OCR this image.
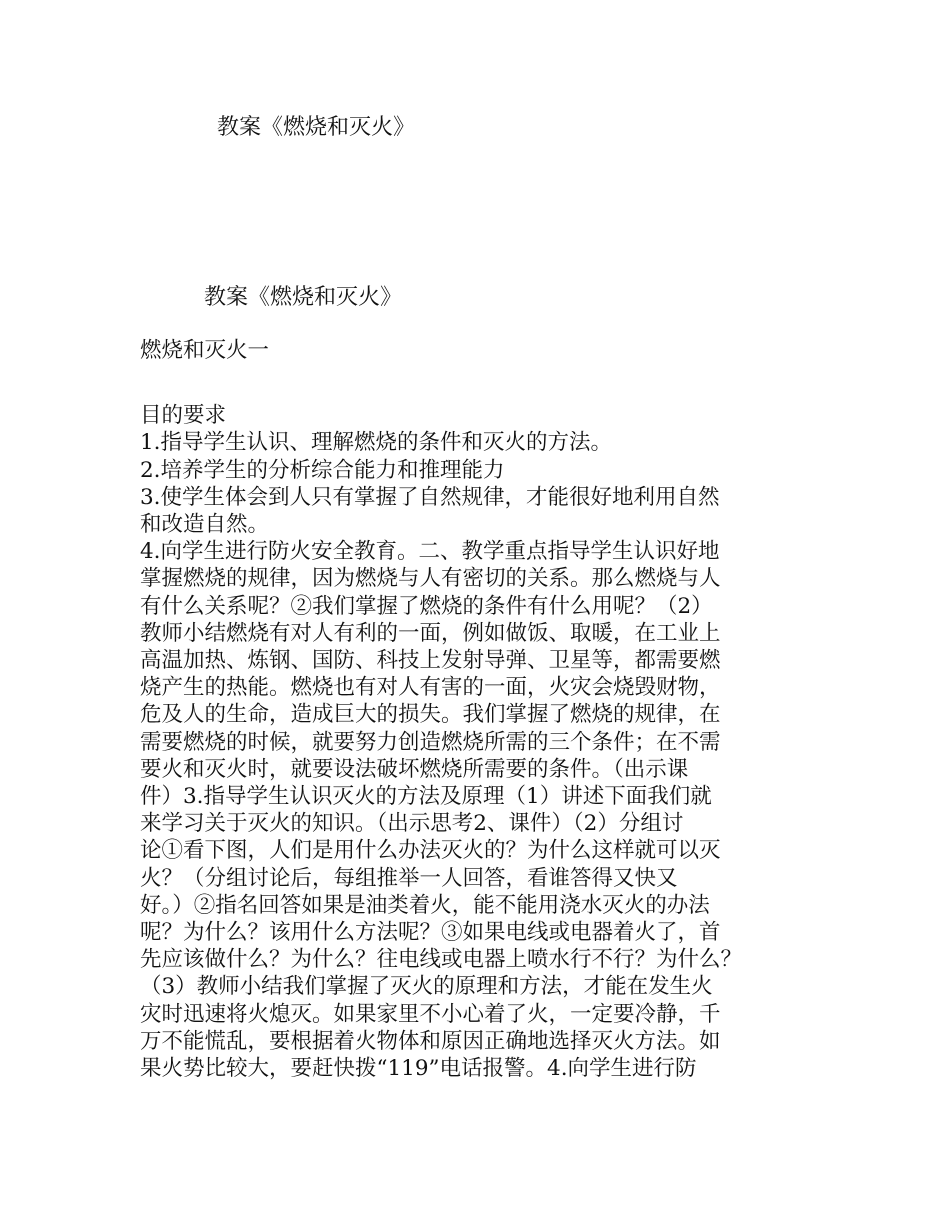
教案《燃烧和灭火》
教案《燃烧和灭火》
燃烧和灭火一
目的要求
1.指导学生认识、理解燃烧的条件和灭火的方法。
2.培养学生的分析综合能力和推理能力
3.使学生体会到人只有掌握了自然规律，才能很好地利用自然
和改造自然。
4.向学生进行防火安全教育。二、教学重点指导学生认识好地
掌握燃烧的规律，因为燃烧与人有密切的关系。那么燃烧与人
有什么关系呢？②我们掌握了燃烧的条件有什么用呢？（2）
教师小结燃烧有对人有利的一面，例如做饭、取暖，在工业上
高温加热、炼钢、国防、科技上发射导弹、卫星等，都需要燃
烧产生的热能。燃烧也有对人有害的一面，火灾会烧毁财物，
危及人的生命，造成巨大的损失。我们掌握了燃烧的规律，在
需要燃烧的时候，就要努力创造燃烧所需的三个条件；在不需
要火和灭火时，就要设法破坏燃烧所需要的条件。（出示课
件）3.指导学生认识灭火的方法及原理（1）讲述下面我们就
来学习关于灭火的知识。（出示思考2、课件）（2）分组讨
论①看下图，人们是用什么办法灭火的？为什么这样就可以灭
火？（分组讨论后，每组推举一人回答，看谁答得又快又
好。）②指名回答如果是油类着火，能不能用浇水灭火的办法
呢？为什么？该用什么方法呢？③如果电线或电器着火了，首
先应该做什么？为什么？往电线或电器上喷水行不行？为什么？
（3）教师小结我们掌握了灭火的原理和方法，才能在发生火
灾时迅速将火熄灭。如果家里不小心着了火，一定要冷静，千
万不能慌乱，要根据着火物体和原因正确地选择灭火方法。如
果火势比较大，要赶快拨“119”电话报警。4.向学生进行防
